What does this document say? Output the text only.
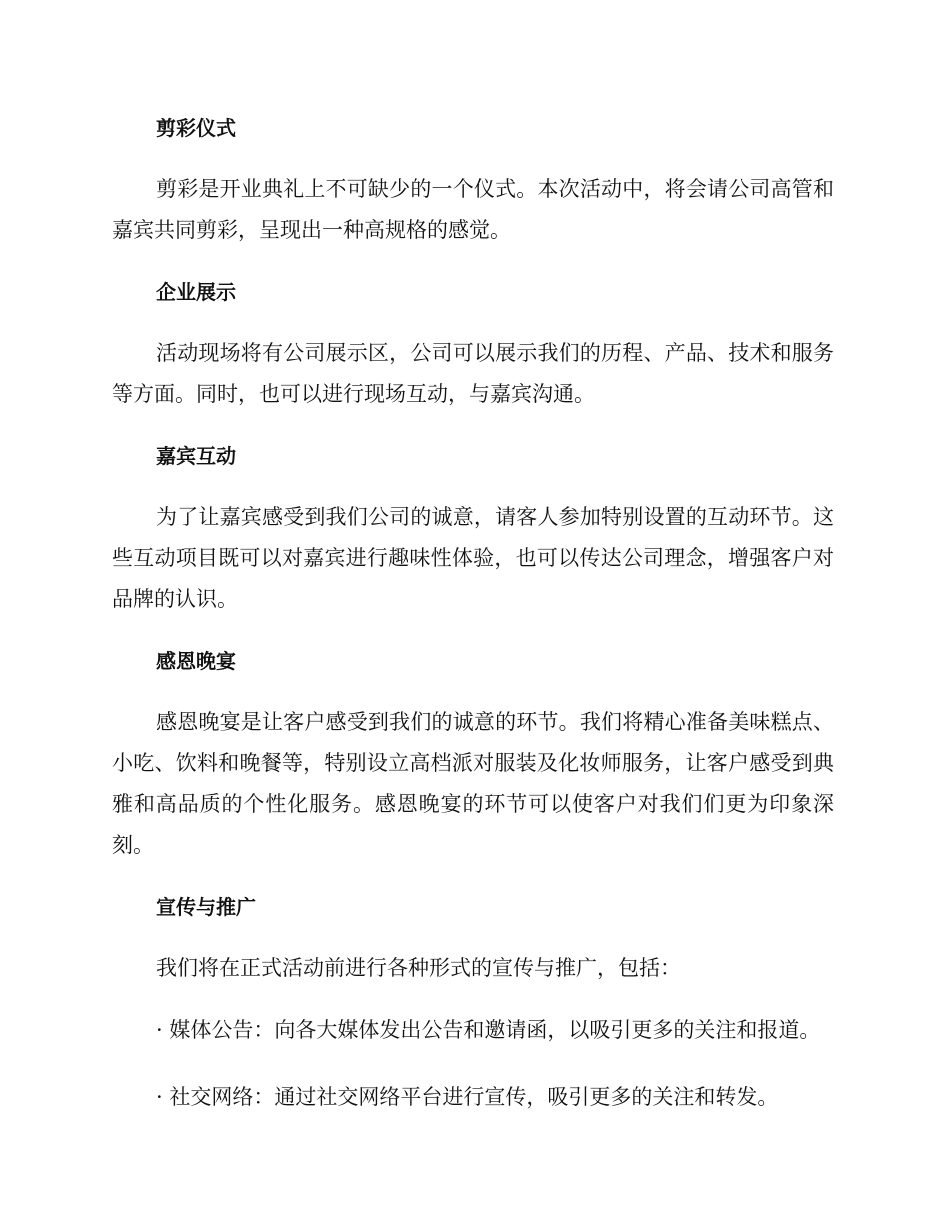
剪彩仪式

剪彩是开业典礼上不可缺少的一个仪式。本次活动中，将会请公司高管和嘉宾共同剪彩，呈现出一种高规格的感觉。

企业展示

活动现场将有公司展示区，公司可以展示我们的历程、产品、技术和服务等方面。同时，也可以进行现场互动，与嘉宾沟通。

嘉宾互动

为了让嘉宾感受到我们公司的诚意，请客人参加特别设置的互动环节。这些互动项目既可以对嘉宾进行趣味性体验，也可以传达公司理念，增强客户对品牌的认识。

感恩晚宴

感恩晚宴是让客户感受到我们的诚意的环节。我们将精心准备美味糕点、小吃、饮料和晚餐等，特别设立高档派对服装及化妆师服务，让客户感受到典雅和高品质的个性化服务。感恩晚宴的环节可以使客户对我们们更为印象深刻。

宣传与推广

我们将在正式活动前进行各种形式的宣传与推广，包括：

· 媒体公告：向各大媒体发出公告和邀请函，以吸引更多的关注和报道。

· 社交网络：通过社交网络平台进行宣传，吸引更多的关注和转发。
